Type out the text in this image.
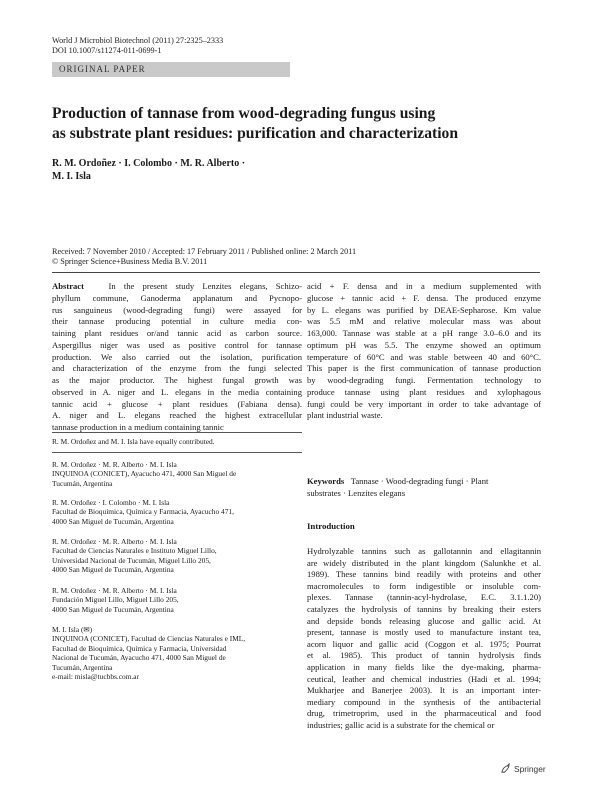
World J Microbiol Biotechnol (2011) 27:2325–2333
DOI 10.1007/s11274-011-0699-1
ORIGINAL PAPER
Production of tannase from wood-degrading fungus using
as substrate plant residues: purification and characterization
R. M. Ordoñez · I. Colombo · M. R. Alberto ·
M. I. Isla
Received: 7 November 2010 / Accepted: 17 February 2011 / Published online: 2 March 2011
© Springer Science+Business Media B.V. 2011
Abstract	In the present study Lenzites elegans, Schizo-
phyllum commune, Ganoderma applanatum and Pycnopo-
rus sanguineus (wood-degrading fungi) were assayed for
their tannase producing potential in culture media con-
taining plant residues or/and tannic acid as carbon source.
Aspergillus niger was used as positive control for tannase
production. We also carried out the isolation, purification
and characterization of the enzyme from the fungi selected
as the major productor. The highest fungal growth was
observed in A. niger and L. elegans in the media containing
tannic acid + glucose + plant residues (Fabiana densa).
A. niger and L. elegans reached the highest extracellular
tannase production in a medium containing tannic
acid + F. densa and in a medium supplemented with
glucose + tannic acid + F. densa. The produced enzyme
by L. elegans was purified by DEAE-Sepharose. Km value
was 5.5 mM and relative molecular mass was about
163,000. Tannase was stable at a pH range 3.0–6.0 and its
optimum pH was 5.5. The enzyme showed an optimum
temperature of 60°C and was stable between 40 and 60°C.
This paper is the first communication of tannase production
by wood-degrading fungi. Fermentation technology to
produce tannase using plant residues and xylophagous
fungi could be very important in order to take advantage of
plant industrial waste.
Keywords Tannase · Wood-degrading fungi · Plant
substrates · Lenzites elegans
R. M. Ordoñez and M. I. Isla have equally contributed.
R. M. Ordoñez · M. R. Alberto · M. I. Isla
INQUINOA (CONICET), Ayacucho 471, 4000 San Miguel de
Tucumán, Argentina
R. M. Ordoñez · I. Colombo · M. I. Isla
Facultad de Bioquímica, Química y Farmacia, Ayacucho 471,
4000 San Miguel de Tucumán, Argentina
R. M. Ordoñez · M. R. Alberto · M. I. Isla
Facultad de Ciencias Naturales e Instituto Miguel Lillo,
Universidad Nacional de Tucumán, Miguel Lillo 205,
4000 San Miguel de Tucumán, Argentina
R. M. Ordoñez · M. R. Alberto · M. I. Isla
Fundación Miguel Lillo, Miguel Lillo 205,
4000 San Miguel de Tucumán, Argentina
M. I. Isla (✉)
INQUINOA (CONICET), Facultad de Ciencias Naturales e IML,
Facultad de Bioquímica, Química y Farmacia, Universidad
Nacional de Tucumán, Ayacucho 471, 4000 San Miguel de
Tucumán, Argentina
e-mail: misla@tucbbs.com.ar
Introduction
Hydrolyzable tannins such as gallotannin and ellagitannin
are widely distributed in the plant kingdom (Salunkhe et al.
1989). These tannins bind readily with proteins and other
macromolecules to form indigestible or insoluble com-
plexes. Tannase (tannin-acyl-hydrolase, E.C. 3.1.1.20)
catalyzes the hydrolysis of tannins by breaking their esters
and depside bonds releasing glucose and gallic acid. At
present, tannase is mostly used to manufacture instant tea,
acorn liquor and gallic acid (Coggon et al. 1975; Pourrat
et al. 1985). This product of tannin hydrolysis finds
application in many fields like the dye-making, pharma-
ceutical, leather and chemical industries (Hadi et al. 1994;
Mukharjee and Banerjee 2003). It is an important inter-
mediary compound in the synthesis of the antibacterial
drug, trimetroprim, used in the pharmaceutical and food
industries; gallic acid is a substrate for the chemical or
Springer
